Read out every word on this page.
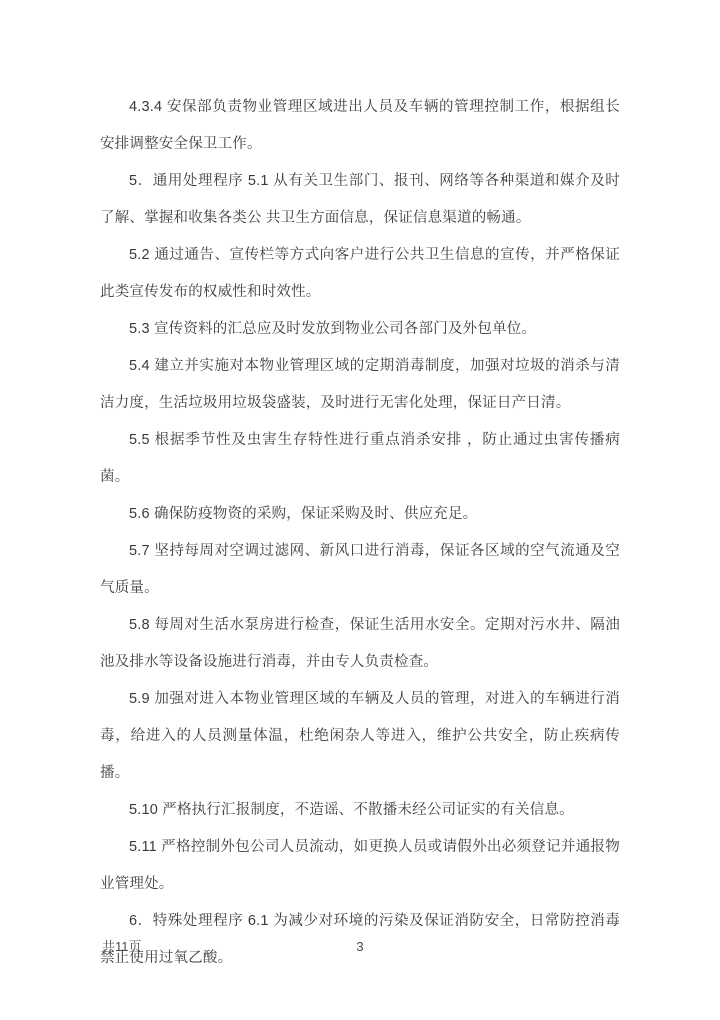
4.3.4 安保部负责物业管理区域进出人员及车辆的管理控制工作，根据组长安排调整安全保卫工作。

5．通用处理程序 5.1 从有关卫生部门、报刊、网络等各种渠道和媒介及时了解、掌握和收集各类公 共卫生方面信息，保证信息渠道的畅通。

5.2 通过通告、宣传栏等方式向客户进行公共卫生信息的宣传，并严格保证此类宣传发布的权威性和时效性。

5.3 宣传资料的汇总应及时发放到物业公司各部门及外包单位。

5.4 建立并实施对本物业管理区域的定期消毒制度，加强对垃圾的消杀与清洁力度，生活垃圾用垃圾袋盛装，及时进行无害化处理，保证日产日清。

5.5 根据季节性及虫害生存特性进行重点消杀安排 ，防止通过虫害传播病菌。

5.6 确保防疫物资的采购，保证采购及时、供应充足。

5.7 坚持每周对空调过滤网、新风口进行消毒，保证各区域的空气流通及空气质量。

5.8 每周对生活水泵房进行检查，保证生活用水安全。定期对污水井、隔油池及排水等设备设施进行消毒，并由专人负责检查。

5.9 加强对进入本物业管理区域的车辆及人员的管理，对进入的车辆进行消毒，给进入的人员测量体温，杜绝闲杂人等进入，维护公共安全，防止疾病传播。

5.10 严格执行汇报制度，不造谣、不散播未经公司证实的有关信息。

5.11 严格控制外包公司人员流动，如更换人员或请假外出必须登记并通报物业管理处。

6．特殊处理程序 6.1 为减少对环境的污染及保证消防安全，日常防控消毒禁止使用过氧乙酸。

共11页	3
